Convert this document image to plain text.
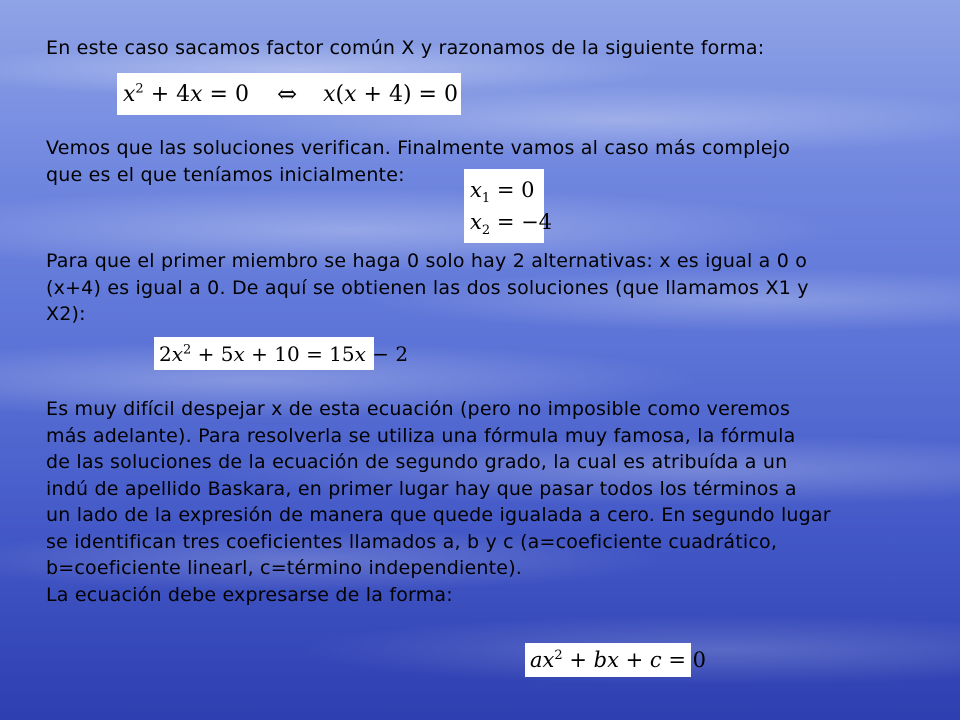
En este caso sacamos factor común X y razonamos de la siguiente forma:
$x^2 + 4x = 0$ ⇔ x(x + 4) = 0
Vemos que las soluciones verifican. Finalmente vamos al caso más complejo
que es el que teníamos inicialmente:
$x_1 = 0$
$x_2 = -4$
Para que el primer miembro se haga 0 solo hay 2 alternativas: x es igual a 0 o
(x+4) es igual a 0. De aquí se obtienen las dos soluciones (que llamamos X1 y
X2):
$2x^2 + 5x + 10 = 15x - 2$
Es muy difícil despejar x de esta ecuación (pero no imposible como veremos
más adelante). Para resolverla se utiliza una fórmula muy famosa, la fórmula
de las soluciones de la ecuación de segundo grado, la cual es atribuída a un
indú de apellido Baskara, en primer lugar hay que pasar todos los términos a
un lado de la expresión de manera que quede igualada a cero. En segundo lugar
se identifican tres coeficientes llamados a, b y c (a=coeficiente cuadrático,
b=coeficiente linearl, c=término independiente).
La ecuación debe expresarse de la forma:
$ax^2$ + bx + c = 0
